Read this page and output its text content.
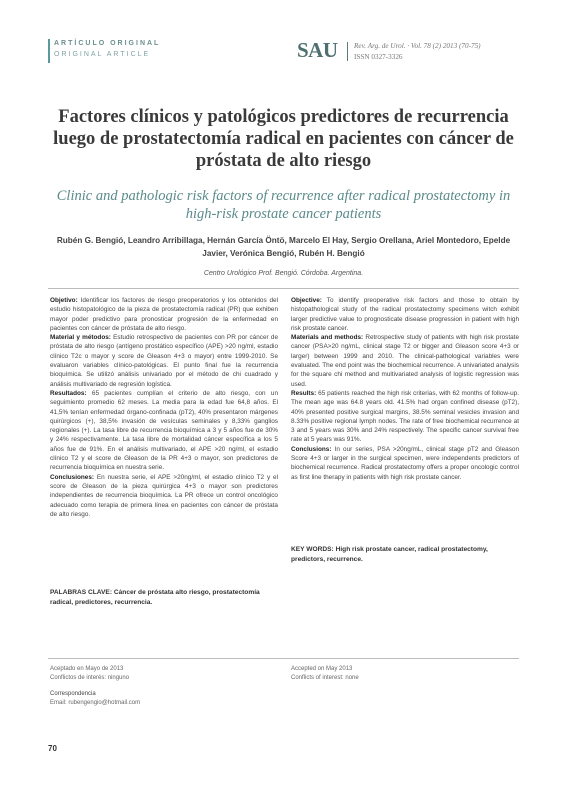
ARTÍCULO ORIGINAL
ORIGINAL ARTICLE	SAU Rev. Arg. de Urol. · Vol. 78 (2) 2013 (70-75)
ISSN 0327-3326
Factores clínicos y patológicos predictores de recurrencia luego de prostatectomía radical en pacientes con cáncer de próstata de alto riesgo
Clinic and pathologic risk factors of recurrence after radical prostatectomy in high-risk prostate cancer patients
Rubén G. Bengió, Leandro Arribillaga, Hernán García Öntö, Marcelo El Hay, Sergio Orellana, Ariel Montedoro, Epelde Javier, Verónica Bengió, Rubén H. Bengió
Centro Urológico Prof. Bengió. Córdoba. Argentina.
Objetivo: Identificar los factores de riesgo preoperatorios y los obtenidos del estudio histopatológico de la pieza de prostatectomía radical (PR) que exhiben mayor poder predictivo para pronosticar progresión de la enfermedad en pacientes con cáncer de próstata de alto riesgo.
Material y métodos: Estudio retrospectivo de pacientes con PR por cáncer de próstata de alto riesgo (antígeno prostático específico (APE) >20 ng/ml, estadio clínico T2c o mayor y score de Gleason 4+3 o mayor) entre 1999-2010. Se evaluaron variables clínico-patológicas. El punto final fue la recurrencia bioquímica. Se utilizó análisis univariado por el método de chi cuadrado y análisis multivariado de regresión logística.
Resultados: 65 pacientes cumplían el criterio de alto riesgo, con un seguimiento promedio 62 meses. La media para la edad fue 64,8 años. El 41,5% tenían enfermedad órgano-confinada (pT2), 40% presentaron márgenes quirúrgicos (+), 38,5% invasión de vesículas seminales y 8,33% ganglios regionales (+). La tasa libre de recurrencia bioquímica a 3 y 5 años fue de 30% y 24% respectivamente. La tasa libre de mortalidad cáncer específica a los 5 años fue de 91%. En el análisis multivariado, el APE >20 ng/ml, el estadio clínico T2 y el score de Gleason de la PR 4+3 o mayor, son predictores de recurrencia bioquímica en nuestra serie.
Conclusiones: En nuestra serie, el APE >20ng/ml, el estadio clínico T2 y el score de Gleason de la pieza quirúrgica 4+3 o mayor son predictores independientes de recurrencia bioquímica. La PR ofrece un control oncológico adecuado como terapia de primera línea en pacientes con cáncer de próstata de alto riesgo.
PALABRAS CLAVE: Cáncer de próstata alto riesgo, prostatectomía radical, predictores, recurrencia.
Objective: To identify preoperative risk factors and those to obtain by histopathological study of the radical prostatectomy specimens witch exhibit larger predictive value to prognosticate disease progression in patient with high risk prostate cancer.
Materials and methods: Retrospective study of patients with high risk prostate cancer (PSA>20 ng/mL, clinical stage T2 or bigger and Gleason score 4+3 or larger) between 1999 and 2010. The clinical-pathological variables were evaluated. The end point was the biochemical recurrence. A univariated analysis for the square chi method and multivariated analysis of logistic regression was used.
Results: 65 patients reached the high risk criterias, with 62 months of follow-up. The mean age was 64.8 years old. 41.5% had organ confined disease (pT2), 40% presented positive surgical margins, 38.5% seminal vesicles invasion and 8.33% positive regional lymph nodes. The rate of free biochemical recurrence at 3 and 5 years was 30% and 24% respectively. The specific cancer survival free rate at 5 years was 91%.
Conclusions: In our series, PSA >20ng/mL, clinical stage pT2 and Gleason Score 4+3 or larger in the surgical specimen, were independents predictors of biochemical recurrence. Radical prostatectomy offers a proper oncologic control as first line therapy in patients with high risk prostate cancer.
KEY WORDS: High risk prostate cancer, radical prostatectomy, predictors, recurrence.
Aceptado en Mayo de 2013
Conflictos de interés: ninguno
Correspondencia
Email: rubengengio@hotmail.com
Accepted on May 2013
Conflicts of interest: none
70
